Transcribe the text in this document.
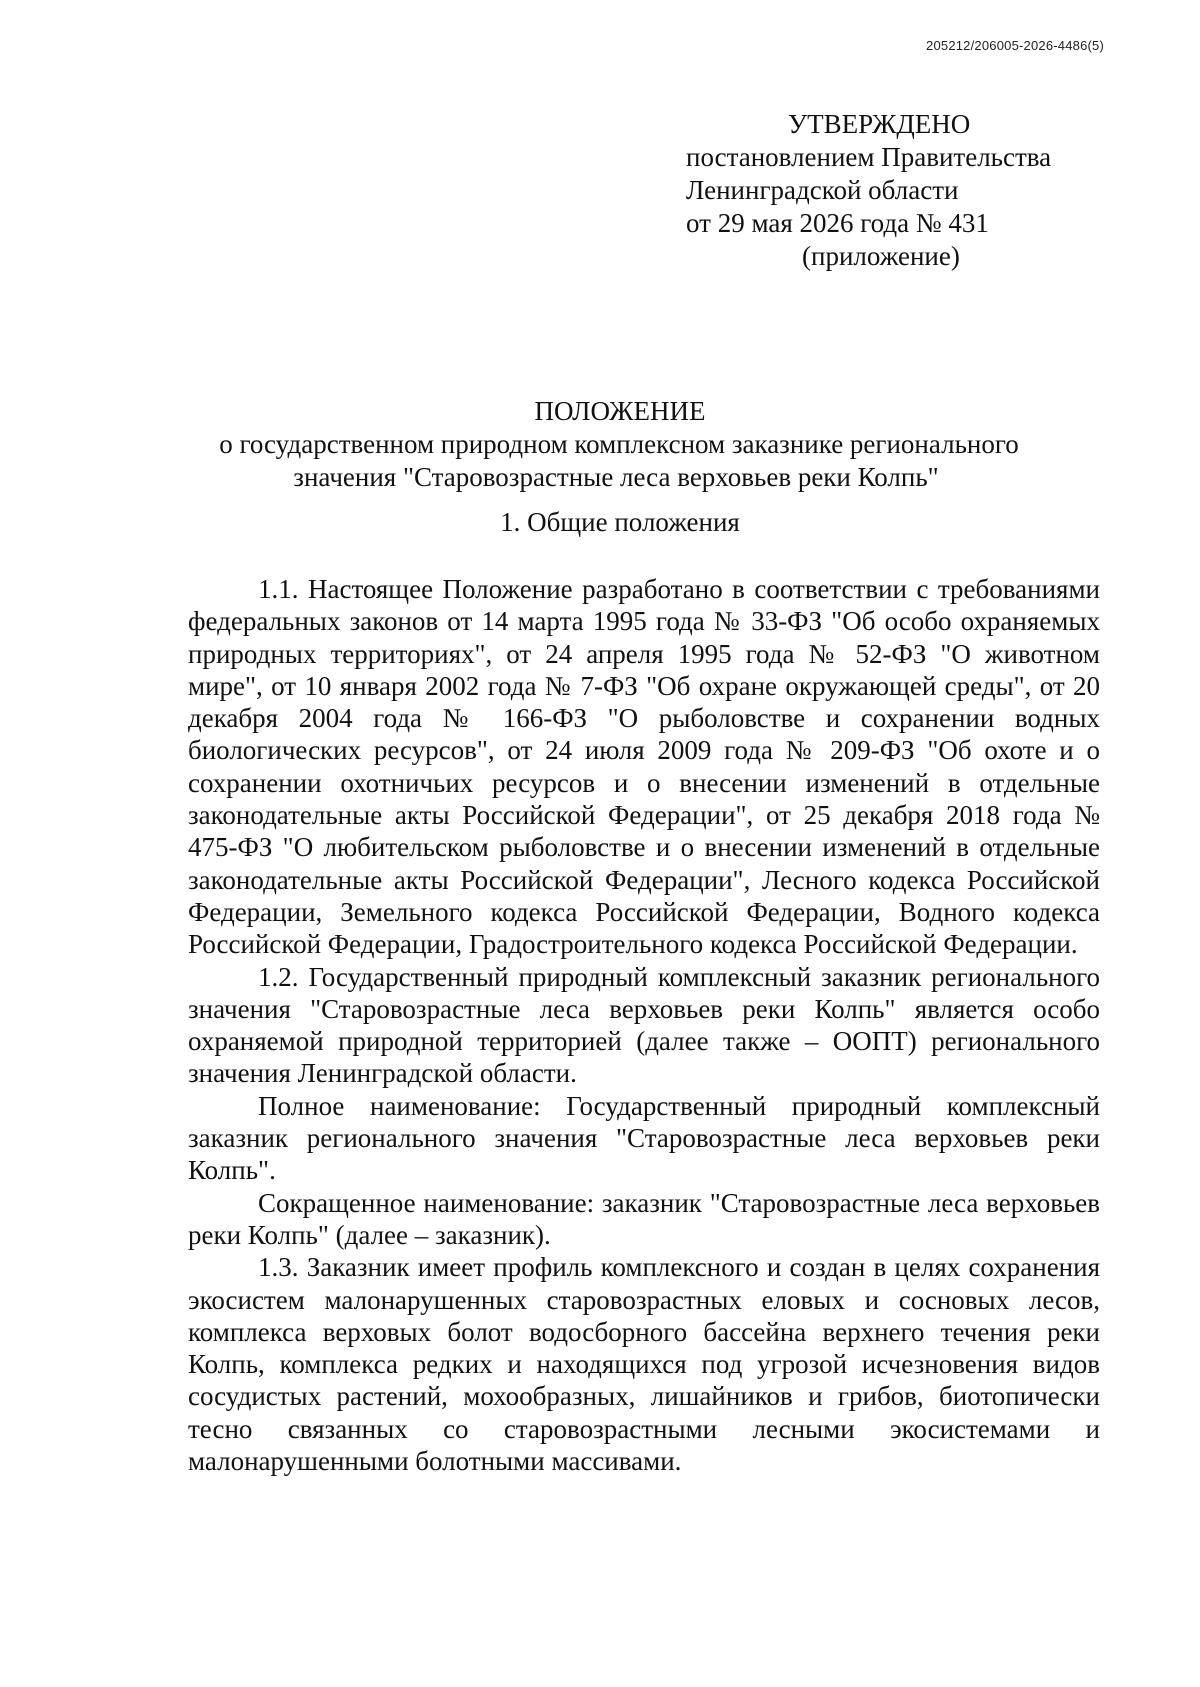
205212/206005-2026-4486(5)
УТВЕРЖДЕНО
постановлением Правительства
Ленинградской области
от 29 мая 2026 года № 431
(приложение)
ПОЛОЖЕНИЕ
о государственном природном комплексном заказнике регионального
значения "Старовозрастные леса верховьев реки Колпь"
1. Общие положения

1.1. Настоящее Положение разработано в соответствии с требованиями федеральных законов от 14 марта 1995 года № 33-ФЗ "Об особо охраняемых природных территориях", от 24 апреля 1995 года № 52-ФЗ "О животном мире", от 10 января 2002 года № 7-ФЗ "Об охране окружающей среды", от 20 декабря 2004 года № 166-ФЗ "О рыболовстве и сохранении водных биологических ресурсов", от 24 июля 2009 года № 209-ФЗ "Об охоте и о сохранении охотничьих ресурсов и о внесении изменений в отдельные законодательные акты Российской Федерации", от 25 декабря 2018 года № 475-ФЗ "О любительском рыболовстве и о внесении изменений в отдельные законодательные акты Российской Федерации", Лесного кодекса Российской Федерации, Земельного кодекса Российской Федерации, Водного кодекса Российской Федерации, Градостроительного кодекса Российской Федерации.

1.2. Государственный природный комплексный заказник регионального значения "Старовозрастные леса верховьев реки Колпь" является особо охраняемой природной территорией (далее также – ООПТ) регионального значения Ленинградской области.

Полное наименование: Государственный природный комплексный заказник регионального значения "Старовозрастные леса верховьев реки Колпь".

Сокращенное наименование: заказник "Старовозрастные леса верховьев реки Колпь" (далее – заказник).

1.3. Заказник имеет профиль комплексного и создан в целях сохранения экосистем малонарушенных старовозрастных еловых и сосновых лесов, комплекса верховых болот водосборного бассейна верхнего течения реки Колпь, комплекса редких и находящихся под угрозой исчезновения видов сосудистых растений, мохообразных, лишайников и грибов, биотопически тесно связанных со старовозрастными лесными экосистемами и малонарушенными болотными массивами.
